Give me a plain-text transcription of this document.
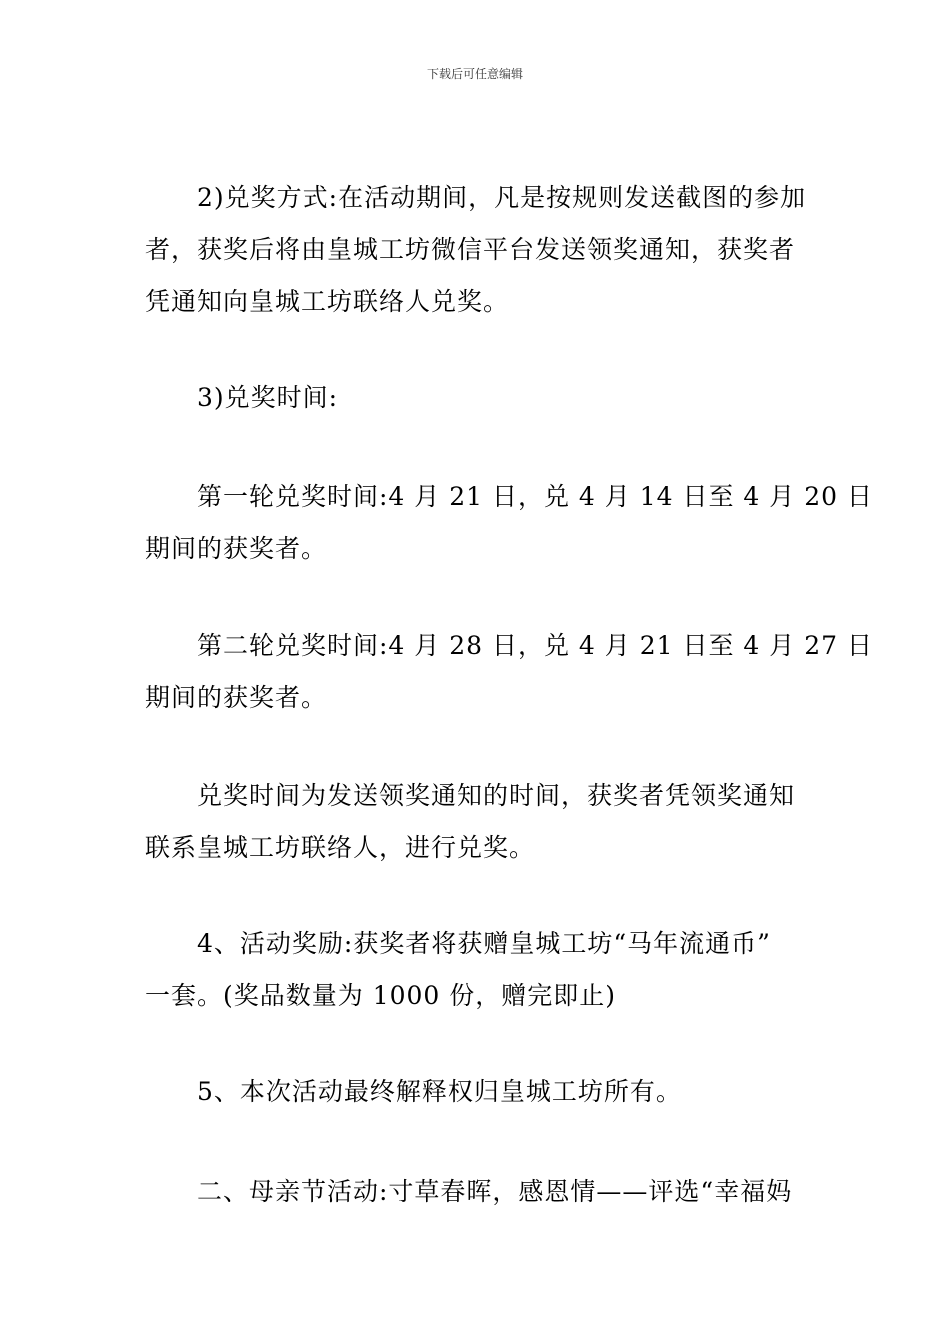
下载后可任意编辑
2)兑奖方式:在活动期间，凡是按规则发送截图的参加
者，获奖后将由皇城工坊微信平台发送领奖通知，获奖者
凭通知向皇城工坊联络人兑奖。
3)兑奖时间:
第一轮兑奖时间:4 月 21 日，兑 4 月 14 日至 4 月 20 日
期间的获奖者。
第二轮兑奖时间:4 月 28 日，兑 4 月 21 日至 4 月 27 日
期间的获奖者。
兑奖时间为发送领奖通知的时间，获奖者凭领奖通知
联系皇城工坊联络人，进行兑奖。
4、活动奖励:获奖者将获赠皇城工坊“马年流通币”
一套。(奖品数量为 1000 份，赠完即止)
5、本次活动最终解释权归皇城工坊所有。
二、母亲节活动:寸草春晖，感恩情——评选“幸福妈
